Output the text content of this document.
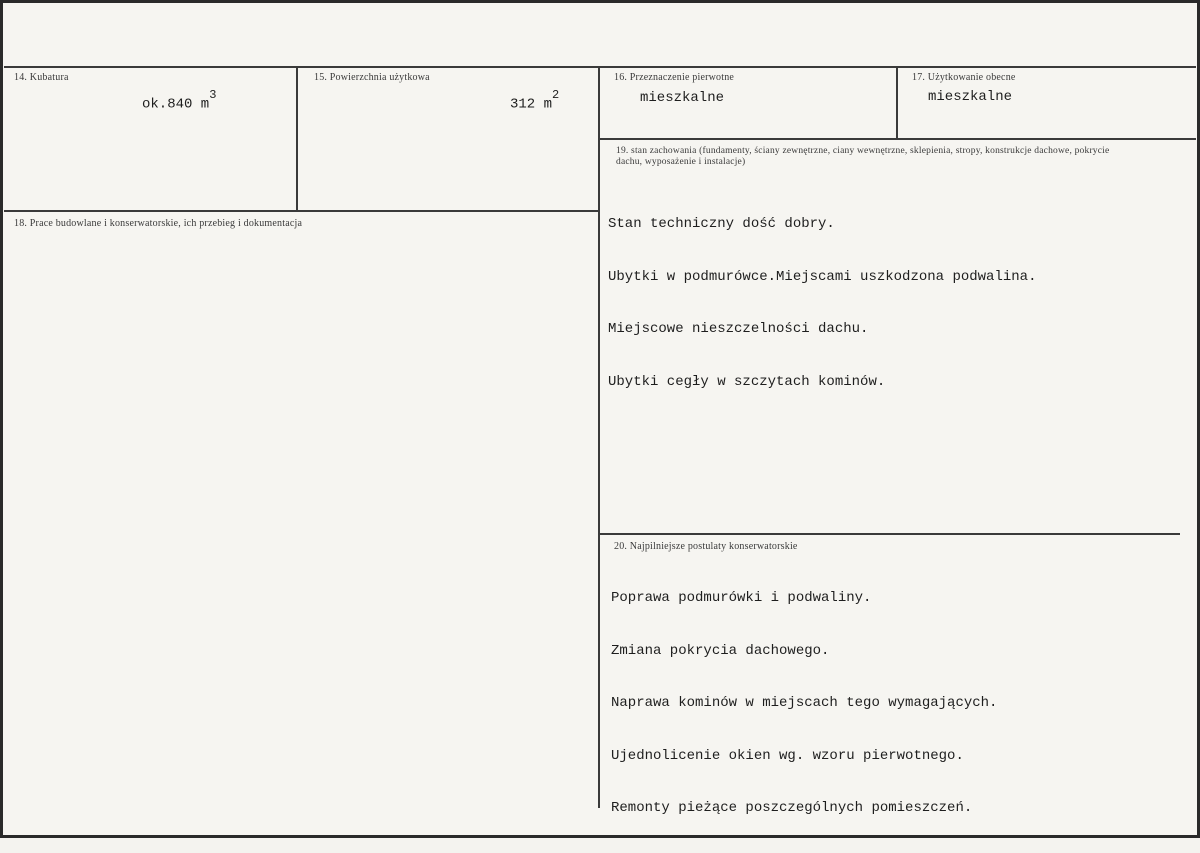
14. Kubatura
ok.840 $m^3$
15. Powierzchnia użytkowa
312 $m^2$
16. Przeznaczenie pierwotne
mieszkalne
17. Użytkowanie obecne
mieszkalne
18. Prace budowlane i konserwatorskie, ich przebieg i dokumentacja
19. stan zachowania (fundamenty, ściany zewnętrzne, ciany wewnętrzne, sklepienia, stropy, konstrukcje dachowe, pokrycie dachu, wyposażenie i instalacje)

Stan techniczny dość dobry.

Ubytki w podmurówce.Miejscami uszkodzona podwalina.

Miejscowe nieszczelności dachu.

Ubytki cegły w szczytach kominów.

20. Najpilniejsze postulaty konserwatorskie

Poprawa podmurówki i podwaliny.

Zmiana pokrycia dachowego.

Naprawa kominów w miejscach tego wymagających.

Ujednolicenie okien wg. wzoru pierwotnego.

Remonty pieżące poszczególnych pomieszczeń.
